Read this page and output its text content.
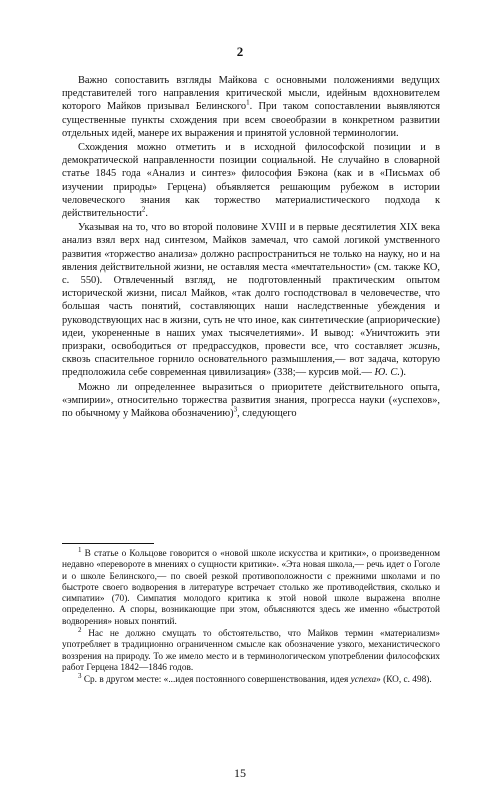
2

Важно сопоставить взгляды Майкова с основными положениями ведущих представителей того направления критической мысли, идейным вдохновителем которого Майков призывал Белинского$^1$. При таком сопоставлении выявляются существенные пункты схождения при всем своеобразии в конкретном развитии отдельных идей, манере их выражения и принятой условной терминологии.

Схождения можно отметить и в исходной философской позиции и в демократической направленности позиции социальной. Не случайно в словарной статье 1845 года «Анализ и синтез» философия Бэкона (как и в «Письмах об изучении природы» Герцена) объявляется решающим рубежом в истории человеческого знания как торжество материалистического подхода к действительности$^2$.

Указывая на то, что во второй половине XVIII и в первые десятилетия XIX века анализ взял верх над синтезом, Майков замечал, что самой логикой умственного развития «торжество анализа» должно распространиться не только на науку, но и на явления действительной жизни, не оставляя места «мечтательности» (см. также КО, с. 550). Отвлеченный взгляд, не подготовленный практическим опытом исторической жизни, писал Майков, «так долго господствовал в человечестве, что большая часть понятий, составляющих наши наследственные убеждения и руководствующих нас в жизни, суть не что иное, как синтетические (априорические) идеи, укорененные в наших умах тысячелетиями». И вывод: «Уничтожить эти призраки, освободиться от предрассудков, провести все, что составляет жизнь, сквозь спасительное горнило основательного размышления,— вот задача, которую предположила себе современная цивилизация» (338;— курсив мой.— Ю. С.).

Можно ли определеннее выразиться о приоритете действительного опыта, «эмпирии», относительно торжества развития знания, прогресса науки («успехов», по обычному у Майкова обозначению)$^3$, следующего

$^1$ В статье о Кольцове говорится о «новой школе искусства и критики», о произведенном недавно «перевороте в мнениях о сущности критики». «Эта новая школа,— речь идет о Гоголе и о школе Белинского,— по своей резкой противоположности с прежними школами и по быстроте своего водворения в литературе встречает столько же противодействия, сколько и симпатии» (70). Симпатия молодого критика к этой новой школе выражена вполне определенно. А споры, возникающие при этом, объясняются здесь же именно «быстротой водворения» новых понятий.

$^2$ Нас не должно смущать то обстоятельство, что Майков термин «материализм» употребляет в традиционно ограниченном смысле как обозначение узкого, механистического воззрения на природу. То же имело место и в терминологическом употреблении философских работ Герцена 1842—1846 годов.

$^3$ Ср. в другом месте: «...идея постоянного совершенствования, идея успеха» (КО, с. 498).

15
